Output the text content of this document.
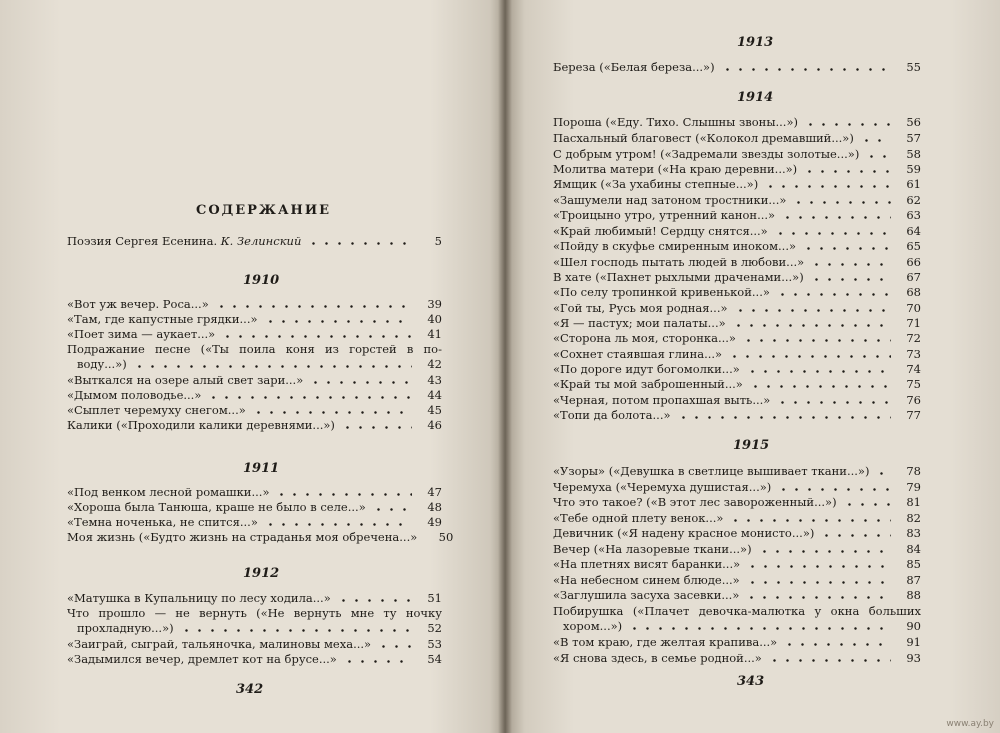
СОДЕРЖАНИЕ
Поэзия Сергея Есенина. К. Зелинский	5
1910
«Вот уж вечер. Роса...»	39
«Там, где капустные грядки...»	40
«Поет зима — аукает...»	41
Подражание песне («Ты поила коня из горстей в по-
воду...»)	42
«Выткался на озере алый свет зари...»	43
«Дымом половодье...»	44
«Сыплет черемуху снегом...»	45
Калики («Проходили калики деревнями...»)	46
1911
«Под венком лесной ромашки...»	47
«Хороша была Танюша, краше не было в селе...»	48
«Темна ноченька, не спится...»	49
Моя жизнь («Будто жизнь на страданья моя обречена...»	50
1912
«Матушка в Купальницу по лесу ходила...»	51
Что прошло — не вернуть («Не вернуть мне ту ночку
прохладную...»)	52
«Заиграй, сыграй, тальяночка, малиновы меха...»	53
«Задымился вечер, дремлет кот на брусе...»	54
342
1913
Береза («Белая береза...»)	55
1914
Пороша («Еду. Тихо. Слышны звоны...»)	56
Пасхальный благовест («Колокол дремавший...»)	57
С добрым утром! («Задремали звезды золотые...»)	58
Молитва матери («На краю деревни...»)	59
Ямщик («За ухабины степные...»)	61
«Зашумели над затоном тростники...»	62
«Троицыно утро, утренний канон...»	63
«Край любимый! Сердцу снятся...»	64
«Пойду в скуфье смиренным иноком...»	65
«Шел господь пытать людей в любови...»	66
В хате («Пахнет рыхлыми драченами...»)	67
«По селу тропинкой кривенькой...»	68
«Гой ты, Русь моя родная...»	70
«Я — пастух; мои палаты...»	71
«Сторона ль моя, сторонка...»	72
«Сохнет стаявшая глина...»	73
«По дороге идут богомолки...»	74
«Край ты мой заброшенный...»	75
«Черная, потом пропахшая выть...»	76
«Топи да болота...»	77
1915
«Узоры» («Девушка в светлице вышивает ткани...»)	78
Черемуха («Черемуха душистая...»)	79
Что это такое? («В этот лес завороженный...»)	81
«Тебе одной плету венок...»	82
Девичник («Я надену красное монисто...»)	83
Вечер («На лазоревые ткани...»)	84
«На плетнях висят баранки...»	85
«На небесном синем блюде...»	87
«Заглушила засуха засевки...»	88
Побирушка («Плачет девочка-малютка у окна больших
хором...»)	90
«В том краю, где желтая крапива...»	91
«Я снова здесь, в семье родной...»	93
343
www.ay.by
